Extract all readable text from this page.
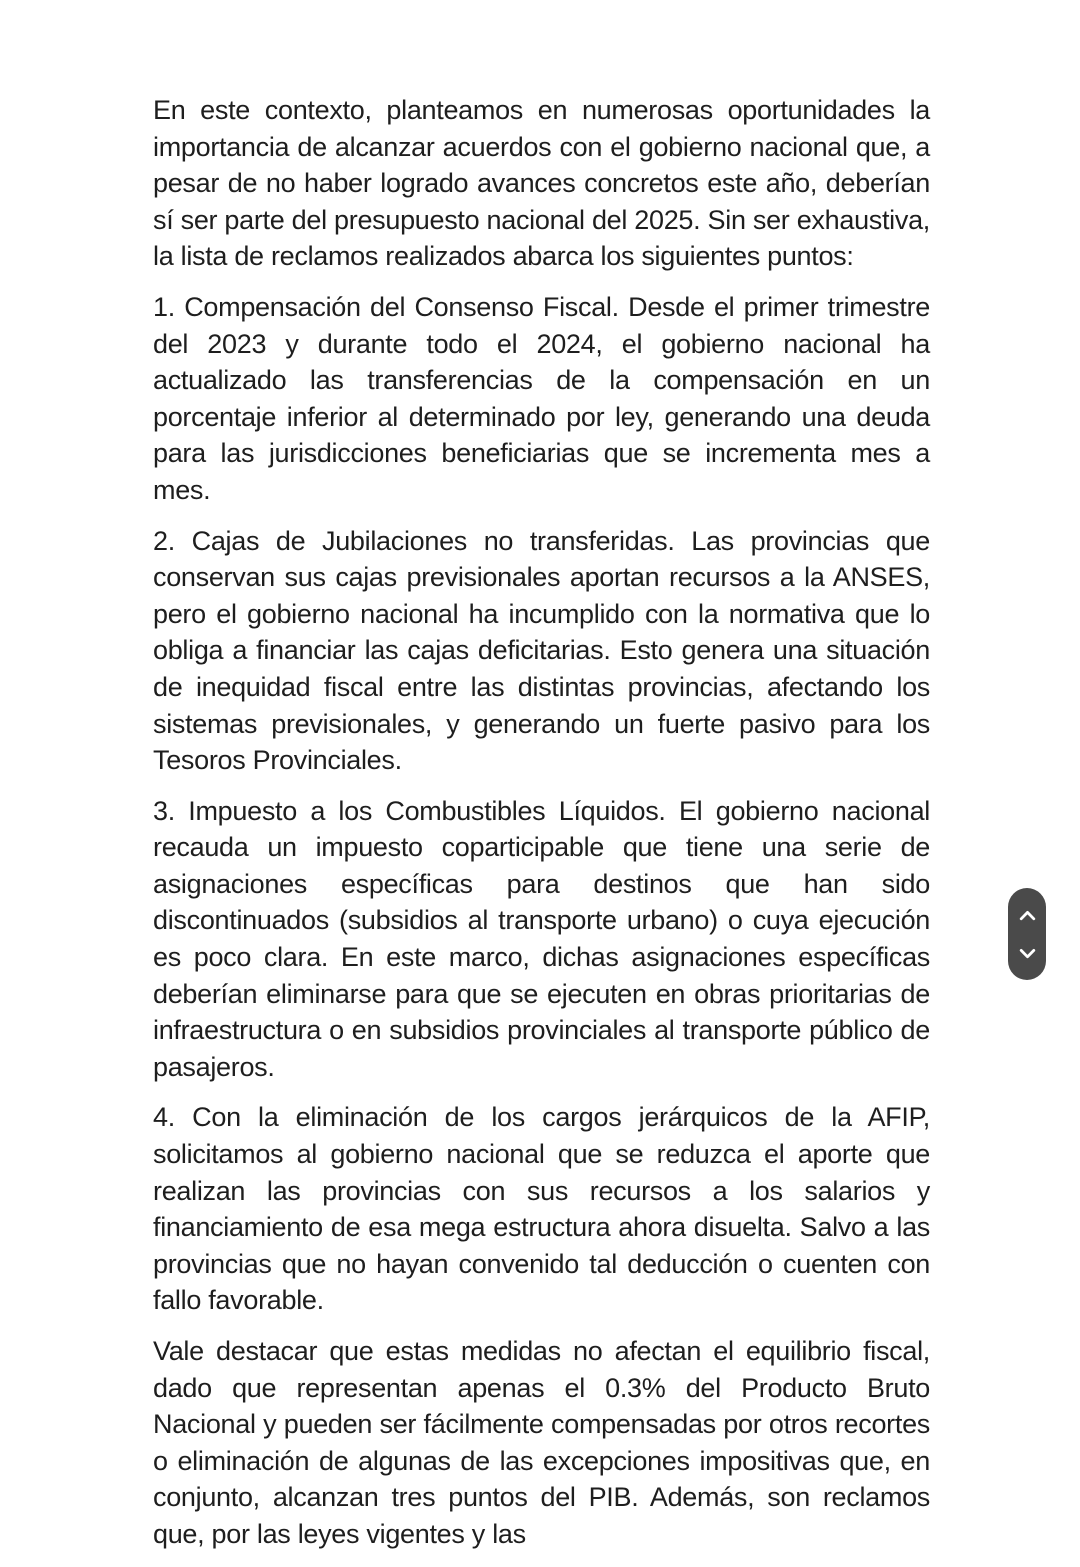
En este contexto, planteamos en numerosas oportunidades la importancia de alcanzar acuerdos con el gobierno nacional que, a pesar de no haber logrado avances concretos este año, deberían sí ser parte del presupuesto nacional del 2025. Sin ser exhaustiva, la lista de reclamos realizados abarca los siguientes puntos:

1. Compensación del Consenso Fiscal. Desde el primer trimestre del 2023 y durante todo el 2024, el gobierno nacional ha actualizado las transferencias de la compensación en un porcentaje inferior al determinado por ley, generando una deuda para las jurisdicciones beneficiarias que se incrementa mes a mes.

2. Cajas de Jubilaciones no transferidas. Las provincias que conservan sus cajas previsionales aportan recursos a la ANSES, pero el gobierno nacional ha incumplido con la normativa que lo obliga a financiar las cajas deficitarias. Esto genera una situación de inequidad fiscal entre las distintas provincias, afectando los sistemas previsionales, y generando un fuerte pasivo para los Tesoros Provinciales.

3. Impuesto a los Combustibles Líquidos. El gobierno nacional recauda un impuesto coparticipable que tiene una serie de asignaciones específicas para destinos que han sido discontinuados (subsidios al transporte urbano) o cuya ejecución es poco clara. En este marco, dichas asignaciones específicas deberían eliminarse para que se ejecuten en obras prioritarias de infraestructura o en subsidios provinciales al transporte público de pasajeros.

4. Con la eliminación de los cargos jerárquicos de la AFIP, solicitamos al gobierno nacional que se reduzca el aporte que realizan las provincias con sus recursos a los salarios y financiamiento de esa mega estructura ahora disuelta. Salvo a las provincias que no hayan convenido tal deducción o cuenten con fallo favorable.

Vale destacar que estas medidas no afectan el equilibrio fiscal, dado que representan apenas el 0.3% del Producto Bruto Nacional y pueden ser fácilmente compensadas por otros recortes o eliminación de algunas de las excepciones impositivas que, en conjunto, alcanzan tres puntos del PIB. Además, son reclamos que, por las leyes vigentes y las
